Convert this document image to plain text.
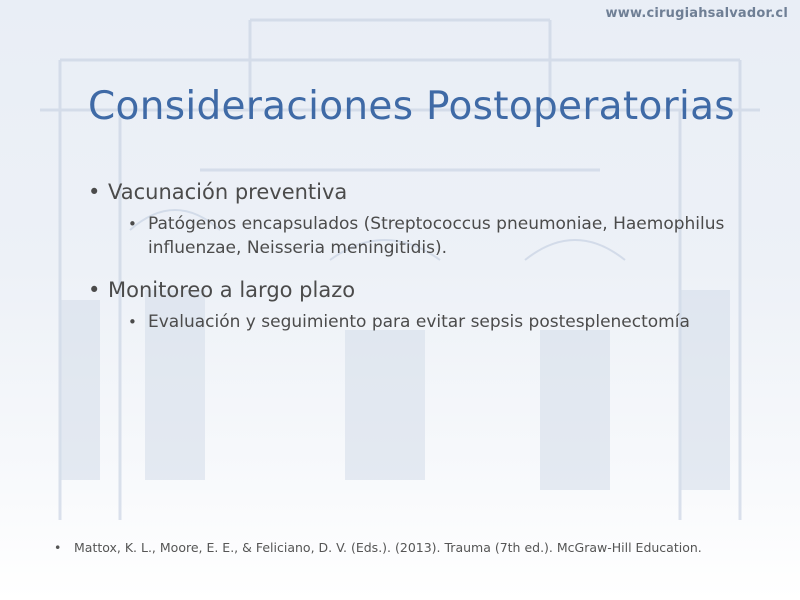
www.cirugiahsalvador.cl
Consideraciones Postoperatorias
• Vacunación preventiva
• Patógenos encapsulados (Streptococcus pneumoniae, Haemophilus influenzae, Neisseria meningitidis).
• Monitoreo a largo plazo
• Evaluación y seguimiento para evitar sepsis postesplenectomía
• Mattox, K. L., Moore, E. E., & Feliciano, D. V. (Eds.). (2013). Trauma (7th ed.). McGraw-Hill Education.
